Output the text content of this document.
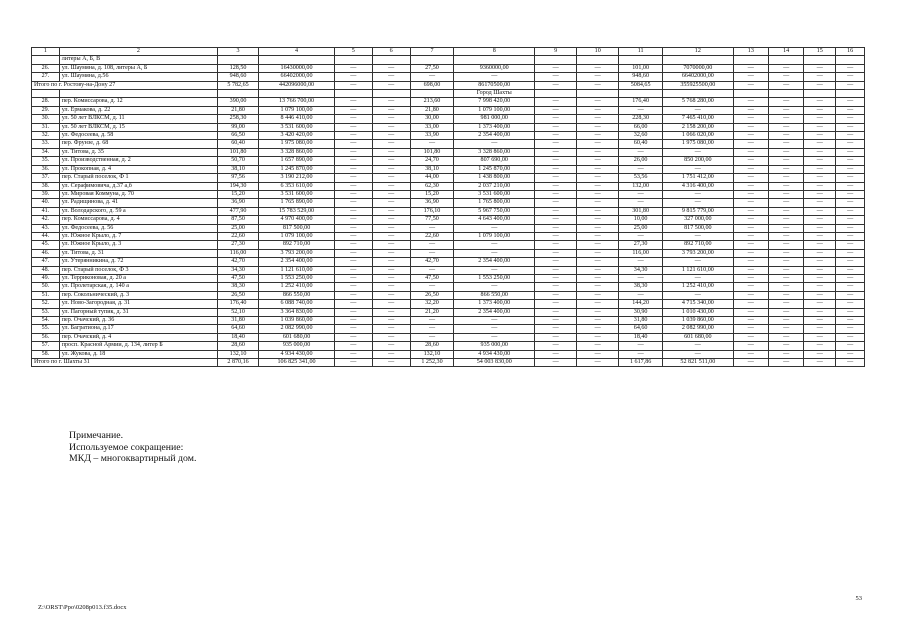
1	2	3	4	5	6	7	8	9	10	11	12	13	14	15	16
	литеры А, Б, В														
26.	ул. Шаумяна, д. 108, литеры А, Б	128,50	16430000,00	—	—	27,50	9360000,00	—	—	101,00	7070000,00	—	—	—	—
27.	ул. Шаумяна, д.56	948,60	66402000,00	—	—	—	—	—	—	948,60	66402000,00	—	—	—	—
Итого по г. Ростову-на-Дону 27		5 782,65	442096000,00	—	—	698,00	86170500,00	—	—	5084,65	355925500,00	—	—	—	—
							Город Шахты								
28.	пер. Комиссарова, д. 12	390,00	13 766 700,00	—	—	213,60	7 998 420,00	—	—	176,40	5 768 280,00	—	—	—	—
29.	ул. Ермакова, д. 22	21,80	1 079 100,00	—	—	21,80	1 079 100,00	—	—	—	—	—	—	—	—
30.	ул. 50 лет ВЛКСМ, д. 11	258,30	8 446 410,00	—	—	30,00	981 000,00	—	—	228,30	7 465 410,00	—	—	—	—
31.	ул. 50 лет ВЛКСМ, д. 15	99,00	3 531 600,00	—	—	33,00	1 373 400,00	—	—	66,00	2 158 200,00	—	—	—	—
32.	ул. Федосеева, д. 58	66,50	3 420 420,00	—	—	33,90	2 354 400,00	—	—	32,60	1 066 020,00	—	—	—	—
33.	пер. Фрунзе, д. 68	60,40	1 975 080,00	—	—	—	—	—	—	60,40	1 975 080,00	—	—	—	—
34.	ул. Титова, д. 35	101,80	3 328 860,00	—	—	101,80	3 328 860,00	—	—	—	—	—	—	—	—
35.	ул. Производственная, д. 2	50,70	1 657 890,00	—	—	24,70	807 690,00	—	—	26,00	850 200,00	—	—	—	—
36.	ул. Прокопная, д. 4	38,10	1 245 870,00	—	—	38,10	1 245 870,00	—	—	—	—	—	—	—	—
37.	пер. Старый поселок, Ф 1	97,56	3 190 212,00	—	—	44,00	1 438 800,00	—	—	53,56	1 751 412,00	—	—	—	—
38.	ул. Серафимовича, д.37 а,б	194,30	6 353 610,00	—	—	62,30	2 037 210,00	—	—	132,00	4 316 400,00	—	—	—	—
39.	ул. Мировая Коммуна, д. 70	15,20	3 531 600,00	—	—	15,20	3 531 600,00	—	—	—	—	—	—	—	—
40.	ул. Радищинова, д. 41	36,90	1 765 890,00	—	—	36,90	1 765 800,00	—	—	—	—	—	—	—	—
41.	ул. Володарского, д. 59 а	477,90	15 783 529,00	—	—	176,10	5 967 750,00	—	—	301,80	9 815 779,00	—	—	—	—
42.	пер. Комиссарова, д. 4	87,50	4 970 400,00	—	—	77,50	4 643 400,00	—	—	10,00	327 000,00	—	—	—	—
43.	ул. Федосеева, д. 56	25,00	817 500,00	—	—	—	—	—	—	25,00	817 500,00	—	—	—	—
44.	ул. Южное Крыло, д. 7	22,60	1 079 100,00	—	—	22,60	1 079 100,00	—	—	—	—	—	—	—	—
45.	ул. Южное Крыло, д. 3	27,30	892 710,00	—	—	—	—	—	—	27,30	892 710,00	—	—	—	—
46.	ул. Титова, д. 31	116,00	3 793 200,00	—	—	—	—	—	—	116,00	3 793 200,00	—	—	—	—
47.	ул. Утерянникина, д. 72	42,70	2 354 400,00	—	—	42,70	2 354 400,00	—	—	—	—	—	—	—	—
48.	пер. Старый поселок, Ф 3	34,30	1 121 610,00	—	—	—	—	—	—	34,30	1 121 610,00	—	—	—	—
49.	ул. Терриконовая, д. 20 а	47,50	1 553 250,00	—	—	47,50	1 553 250,00	—	—	—	—	—	—	—	—
50.	ул. Пролетарская, д. 140 а	38,30	1 252 410,00	—	—	—	—	—	—	38,30	1 252 410,00	—	—	—	—
51.	пер. Сокольнический, д. 3	26,50	866 550,00	—	—	26,50	866 550,00	—	—	—	—	—	—	—	—
52.	ул. Ново-Загородная, д. 31	176,40	6 088 740,00	—	—	32,20	1 373 400,00	—	—	144,20	4 715 340,00	—	—	—	—
53.	ул. Пагорный тупик, д. 31	52,10	3 364 830,00	—	—	21,20	2 354 400,00	—	—	30,90	1 010 430,00	—	—	—	—
54.	пер. Очачский, д. 36	31,80	1 039 860,00	—	—	—	—	—	—	31,80	1 039 860,00	—	—	—	—
55.	ул. Багратиона, д.17	64,60	2 082 990,00	—	—	—	—	—	—	64,60	2 082 990,00	—	—	—	—
56.	пер. Очачский, д. 4	18,40	601 680,00	—	—	—	—	—	—	18,40	601 680,00	—	—	—	—
57.	просп. Красной Армии, д. 134, литер Б	28,60	935 000,00	—	—	28,60	935 000,00	—	—	—	—	—	—	—	—
58.	ул. Жукова, д. 18	132,10	4 934 430,00	—	—	132,10	4 934 430,00	—	—	—	—	—	—	—	—
Итого по г. Шахты 31		2 870,16	106 825 341,00	—	—	1 252,30	54 003 830,00	—	—	1 617,86	52 821 511,00	—	—	—	—
Примечание.
Используемое сокращение:
МКД – многоквартирный дом.
53
Z:\ORST\Ppo\0208p013.f35.docx
